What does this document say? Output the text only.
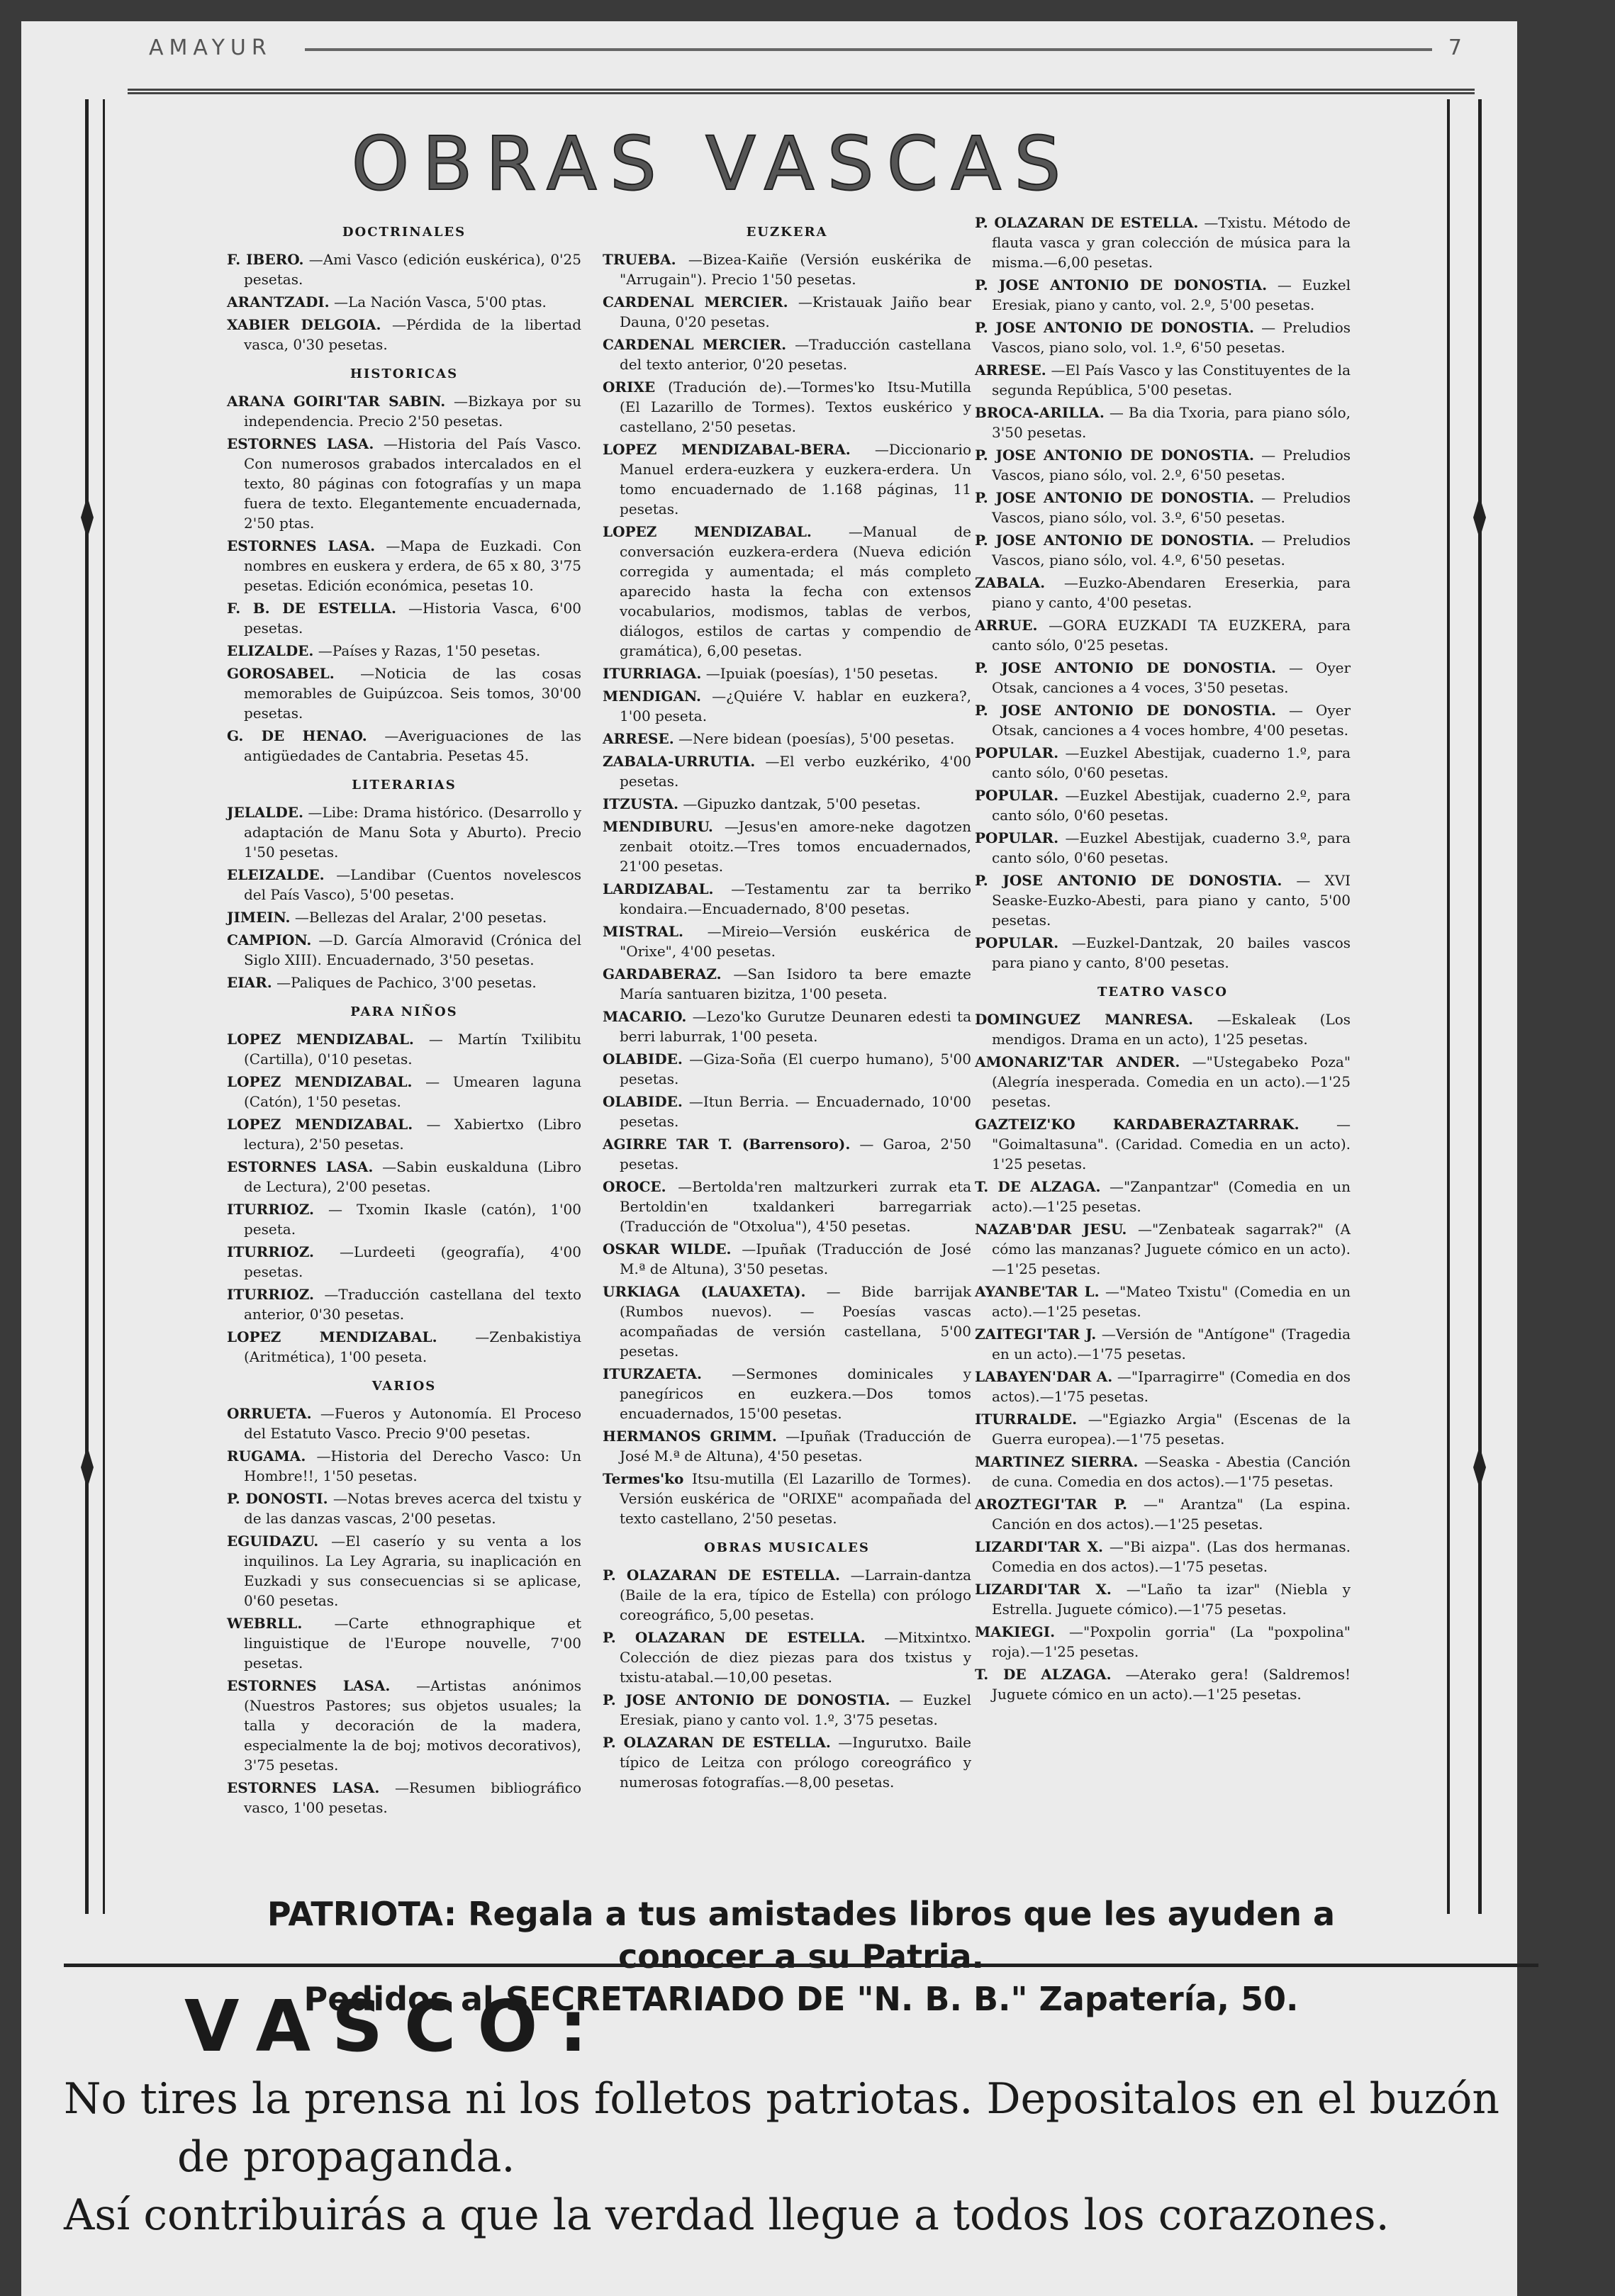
AMAYUR	7
OBRAS VASCAS
DOCTRINALES
F. IBERO. —Ami Vasco (edición euskérica), 0'25 pesetas.
ARANTZADI. —La Nación Vasca, 5'00 ptas.
XABIER DELGOIA. —Pérdida de la libertad vasca, 0'30 pesetas.
HISTORICAS
ARANA GOIRI'TAR SABIN. —Bizkaya por su independencia. Precio 2'50 pesetas.
ESTORNES LASA. —Historia del País Vasco. Con numerosos grabados intercalados en el texto, 80 páginas con fotografías y un mapa fuera de texto. Elegantemente encuadernada, 2'50 ptas.
ESTORNES LASA. —Mapa de Euzkadi. Con nombres en euskera y erdera, de 65 x 80, 3'75 pesetas. Edición económica, pesetas 10.
F. B. DE ESTELLA. —Historia Vasca, 6'00 pesetas.
ELIZALDE. —Países y Razas, 1'50 pesetas.
GOROSABEL. —Noticia de las cosas memorables de Guipúzcoa. Seis tomos, 30'00 pesetas.
G. DE HENAO. —Averiguaciones de las antigüedades de Cantabria. Pesetas 45.
LITERARIAS
JELALDE. —Libe: Drama histórico. (Desarrollo y adaptación de Manu Sota y Aburto). Precio 1'50 pesetas.
ELEIZALDE. —Landibar (Cuentos novelescos del País Vasco), 5'00 pesetas.
JIMEIN. —Bellezas del Aralar, 2'00 pesetas.
CAMPION. —D. García Almoravid (Crónica del Siglo XIII). Encuadernado, 3'50 pesetas.
EIAR. —Paliques de Pachico, 3'00 pesetas.
PARA NIÑOS
LOPEZ MENDIZABAL. — Martín Txilibitu (Cartilla), 0'10 pesetas.
LOPEZ MENDIZABAL. — Umearen laguna (Catón), 1'50 pesetas.
LOPEZ MENDIZABAL. — Xabiertxo (Libro lectura), 2'50 pesetas.
ESTORNES LASA. —Sabin euskalduna (Libro de Lectura), 2'00 pesetas.
ITURRIOZ. — Txomin Ikasle (catón), 1'00 peseta.
ITURRIOZ. —Lurdeeti (geografía), 4'00 pesetas.
ITURRIOZ. —Traducción castellana del texto anterior, 0'30 pesetas.
LOPEZ MENDIZABAL.	—Zenbakistiya (Aritmética), 1'00 peseta.
VARIOS
ORRUETA. —Fueros y Autonomía. El Proceso del Estatuto Vasco. Precio 9'00 pesetas.
RUGAMA. —Historia del Derecho Vasco: Un Hombre!!, 1'50 pesetas.
P. DONOSTI. —Notas breves acerca del txistu y de las danzas vascas, 2'00 pesetas.
EGUIDAZU. —El caserío y su venta a los inquilinos. La Ley Agraria, su inaplicación en Euzkadi y sus consecuencias si se aplicase, 0'60 pesetas.
WEBRLL. —Carte ethnographique et linguistique de l'Europe nouvelle, 7'00 pesetas.
ESTORNES LASA. —Artistas anónimos (Nuestros Pastores; sus objetos usuales; la talla y decoración de la madera, especialmente la de boj; motivos decorativos), 3'75 pesetas.
ESTORNES LASA. —Resumen bibliográfico vasco, 1'00 pesetas.
EUZKERA
TRUEBA. —Bizea-Kaiñe (Versión euskérika de "Arrugain"). Precio 1'50 pesetas.
CARDENAL MERCIER. —Kristauak Jaiño bear Dauna, 0'20 pesetas.
CARDENAL MERCIER. —Traducción castellana del texto anterior, 0'20 pesetas.
ORIXE (Tradución de).—Tormes'ko Itsu-Mutilla (El Lazarillo de Tormes). Textos euskérico y castellano, 2'50 pesetas.
LOPEZ MENDIZABAL-BERA. —Diccionario Manuel erdera-euzkera y euzkera-erdera. Un tomo encuadernado de 1.168 páginas, 11 pesetas.
LOPEZ MENDIZABAL.	—Manual de conversación euzkera-erdera (Nueva edición corregida y aumentada; el más completo aparecido hasta la fecha con extensos vocabularios, modismos, tablas de verbos, diálogos, estilos de cartas y compendio de gramática), 6,00 pesetas.
ITURRIAGA. —Ipuiak (poesías), 1'50 pesetas.
MENDIGAN. —¿Quiére V. hablar en euzkera?, 1'00 peseta.
ARRESE. —Nere bidean (poesías), 5'00 pesetas.
ZABALA-URRUTIA. —El verbo euzkériko, 4'00 pesetas.
ITZUSTA. —Gipuzko dantzak, 5'00 pesetas.
MENDIBURU. —Jesus'en amore-neke dagotzen zenbait otoitz.—Tres tomos encuadernados, 21'00 pesetas.
LARDIZABAL. —Testamentu zar ta berriko kondaira.—Encuadernado, 8'00 pesetas.
MISTRAL. —Mireio—Versión euskérica de "Orixe", 4'00 pesetas.
GARDABERAZ. —San Isidoro ta bere emazte María santuaren bizitza, 1'00 peseta.
MACARIO. —Lezo'ko Gurutze Deunaren edesti ta berri laburrak, 1'00 peseta.
OLABIDE. —Giza-Soña (El cuerpo humano), 5'00 pesetas.
OLABIDE. —Itun Berria. — Encuadernado, 10'00 pesetas.
AGIRRE TAR T. (Barrensoro). — Garoa, 2'50 pesetas.
OROCE. —Bertolda'ren maltzurkeri zurrak eta Bertoldin'en txaldankeri barregarriak (Traducción de "Otxolua"), 4'50 pesetas.
OSKAR WILDE. —Ipuñak (Traducción de José M.ª de Altuna), 3'50 pesetas.
URKIAGA (LAUAXETA). — Bide barrijak (Rumbos nuevos). — Poesías vascas acompañadas de versión castellana, 5'00 pesetas.
ITURZAETA. —Sermones dominicales y panegíricos en euzkera.—Dos tomos encuadernados, 15'00 pesetas.
HERMANOS GRIMM. —Ipuñak (Traducción de José M.ª de Altuna), 4'50 pesetas.
Termes'ko Itsu-mutilla (El Lazarillo de Tormes). Versión euskérica de "ORIXE" acompañada del texto castellano, 2'50 pesetas.
OBRAS MUSICALES
P. OLAZARAN DE ESTELLA. —Larrain-dantza (Baile de la era, típico de Estella) con prólogo coreográfico, 5,00 pesetas.
P. OLAZARAN DE ESTELLA. —Mitxintxo. Colección de diez piezas para dos txistus y txistu-atabal.—10,00 pesetas.
P. JOSE ANTONIO DE DONOSTIA. — Euzkel Eresiak, piano y canto vol. 1.º, 3'75 pesetas.
P. OLAZARAN DE ESTELLA. —Ingurutxo. Baile típico de Leitza con prólogo coreográfico y numerosas fotografías.—8,00 pesetas.
P. OLAZARAN DE ESTELLA. —Txistu. Método de flauta vasca y gran colección de música para la misma.—6,00 pesetas.
P. JOSE ANTONIO DE DONOSTIA. — Euzkel Eresiak, piano y canto, vol. 2.º, 5'00 pesetas.
P. JOSE ANTONIO DE DONOSTIA. — Preludios Vascos, piano solo, vol. 1.º, 6'50 pesetas.
ARRESE. —El País Vasco y las Constituyentes de la segunda República, 5'00 pesetas.
BROCA-ARILLA. — Ba dia Txoria, para piano sólo, 3'50 pesetas.
P. JOSE ANTONIO DE DONOSTIA. — Preludios Vascos, piano sólo, vol. 2.º, 6'50 pesetas.
P. JOSE ANTONIO DE DONOSTIA. — Preludios Vascos, piano sólo, vol. 3.º, 6'50 pesetas.
P. JOSE ANTONIO DE DONOSTIA. — Preludios Vascos, piano sólo, vol. 4.º, 6'50 pesetas.
ZABALA. —Euzko-Abendaren Ereserkia, para piano y canto, 4'00 pesetas.
ARRUE. —GORA EUZKADI TA EUZKERA, para canto sólo, 0'25 pesetas.
P. JOSE ANTONIO DE DONOSTIA. — Oyer Otsak, canciones a 4 voces, 3'50 pesetas.
P. JOSE ANTONIO DE DONOSTIA. — Oyer Otsak, canciones a 4 voces hombre, 4'00 pesetas.
POPULAR. —Euzkel Abestijak, cuaderno 1.º, para canto sólo, 0'60 pesetas.
POPULAR. —Euzkel Abestijak, cuaderno 2.º, para canto sólo, 0'60 pesetas.
POPULAR. —Euzkel Abestijak, cuaderno 3.º, para canto sólo, 0'60 pesetas.
P. JOSE ANTONIO DE DONOSTIA. — XVI Seaske-Euzko-Abesti, para piano y canto, 5'00 pesetas.
POPULAR. —Euzkel-Dantzak, 20 bailes vascos para piano y canto, 8'00 pesetas.
TEATRO VASCO
DOMINGUEZ MANRESA. —Eskaleak (Los mendigos. Drama en un acto), 1'25 pesetas.
AMONARIZ'TAR ANDER. —"Ustegabeko Poza" (Alegría inesperada. Comedia en un acto).—1'25 pesetas.
GAZTEIZ'KO KARDABERAZTARRAK.	— "Goimaltasuna". (Caridad. Comedia en un acto). 1'25 pesetas.
T. DE ALZAGA. —"Zanpantzar" (Comedia en un acto).—1'25 pesetas.
NAZAB'DAR JESU. —"Zenbateak sagarrak?" (A cómo las manzanas? Juguete cómico en un acto).—1'25 pesetas.
AYANBE'TAR L. —"Mateo Txistu" (Comedia en un acto).—1'25 pesetas.
ZAITEGI'TAR J. —Versión de "Antígone" (Tragedia en un acto).—1'75 pesetas.
LABAYEN'DAR A. —"Iparragirre" (Comedia en dos actos).—1'75 pesetas.
ITURRALDE. —"Egiazko Argia" (Escenas de la Guerra europea).—1'75 pesetas.
MARTINEZ SIERRA. —Seaska - Abestia (Canción de cuna. Comedia en dos actos).—1'75 pesetas.
AROZTEGI'TAR P. —" Arantza" (La espina. Canción en dos actos).—1'25 pesetas.
LIZARDI'TAR X. —"Bi aizpa". (Las dos hermanas. Comedia en dos actos).—1'75 pesetas.
LIZARDI'TAR X. —"Laño ta izar" (Niebla y Estrella. Juguete cómico).—1'75 pesetas.
MAKIEGI. —"Poxpolin gorria" (La "poxpolina" roja).—1'25 pesetas.
T. DE ALZAGA. —Aterako gera! (Saldremos! Juguete cómico en un acto).—1'25 pesetas.
PATRIOTA: Regala a tus amistades libros que les ayuden a conocer a su Patria.
Pedidos al SECRETARIADO DE "N. B. B." Zapatería, 50.
VASCO:
No tires la prensa ni los folletos patriotas. Depositalos en el buzón
de propaganda.
Así contribuirás a que la verdad llegue a todos los corazones.
